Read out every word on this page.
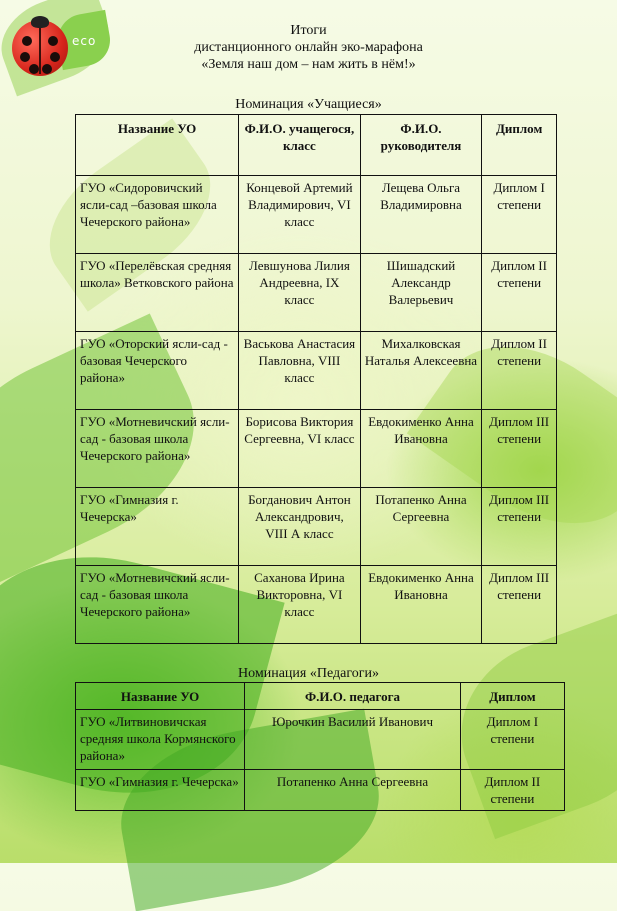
eco
Итоги
дистанционного онлайн эко-марафона
«Земля наш дом – нам жить в нём!»
Номинация «Учащиеся»
Название УО	Ф.И.О. учащегося, класс	Ф.И.О. руководителя	Диплом
ГУО «Сидоровичский ясли-сад –базовая школа Чечерского района»	Концевой Артемий Владимирович, VI класс	Лещева Ольга Владимировна	Диплом I степени
ГУО «Перелёвская средняя школа» Ветковского района	Левшунова Лилия Андреевна, IX класс	Шишадский Александр Валерьевич	Диплом II степени
ГУО «Оторский ясли-сад - базовая Чечерского района»	Васькова Анастасия Павловна, VIII класс	Михалковская Наталья Алексеевна	Диплом II степени
ГУО «Мотневичский ясли-сад - базовая школа Чечерского района»	Борисова Виктория Сергеевна, VI класс	Евдокименко Анна Ивановна	Диплом III степени
ГУО «Гимназия г. Чечерска»	Богданович Антон Александрович, VIII А класс	Потапенко Анна Сергеевна	Диплом III степени
ГУО «Мотневичский ясли-сад - базовая школа Чечерского района»	Саханова Ирина Викторовна, VI класс	Евдокименко Анна Ивановна	Диплом III степени
Номинация «Педагоги»
Название УО	Ф.И.О. педагога	Диплом
ГУО «Литвиновичская средняя школа Кормянского района»	Юрочкин Василий Иванович	Диплом I степени
ГУО «Гимназия г. Чечерска»	Потапенко Анна Сергеевна	Диплом II степени
